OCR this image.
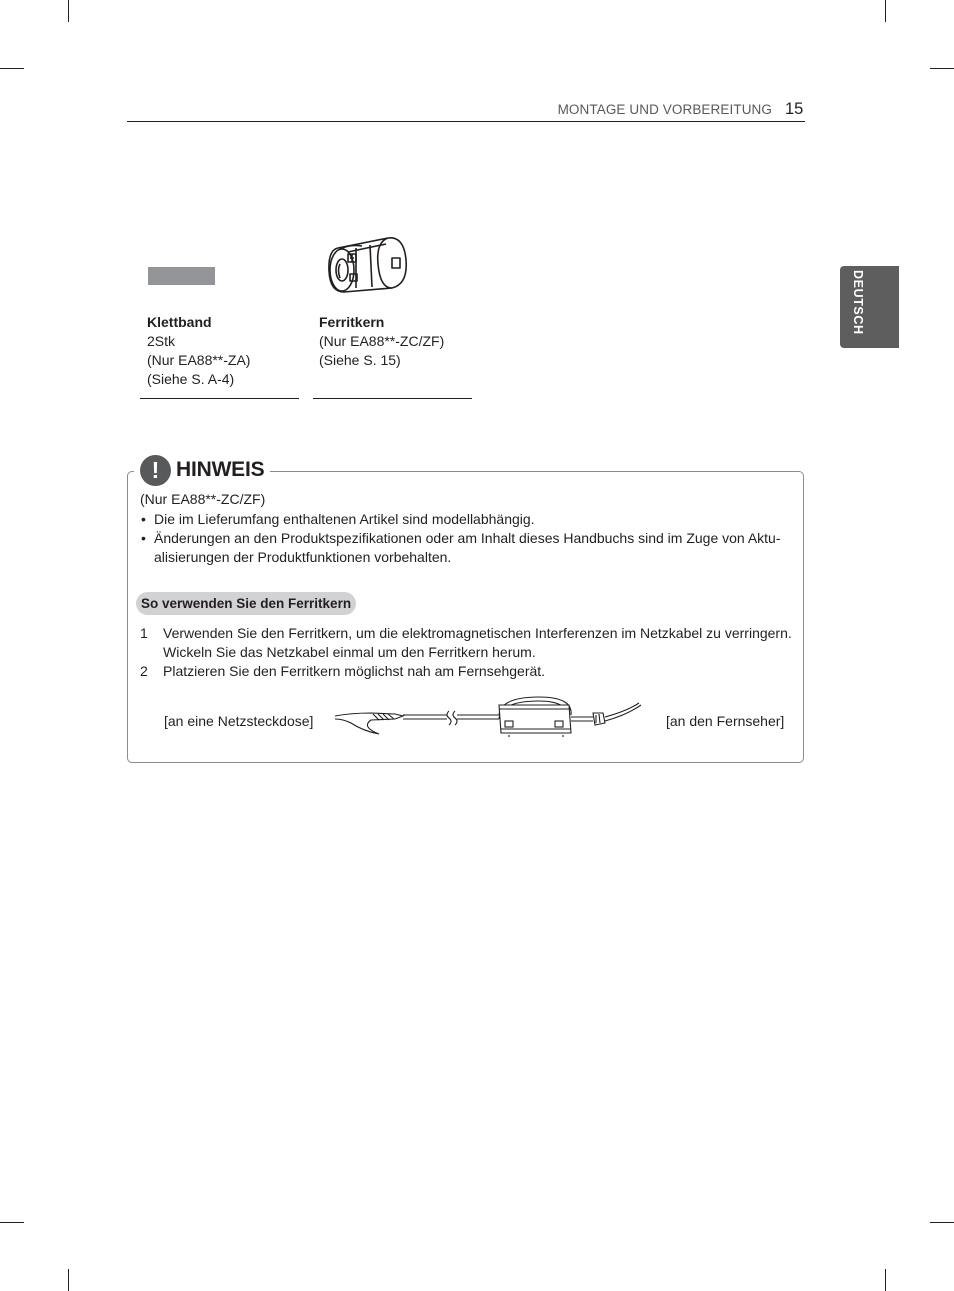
MONTAGE UND VORBEREITUNG 15
DEUTSCH
Klettband
2Stk
(Nur EA88**-ZA)
(Siehe S. A-4)
Ferritkern
(Nur EA88**-ZC/ZF)
(Siehe S. 15)
! HINWEIS
(Nur EA88**-ZC/ZF)
• Die im Lieferumfang enthaltenen Artikel sind modellabhängig.
• Änderungen an den Produktspezifikationen oder am Inhalt dieses Handbuchs sind im Zuge von Aktu-
alisierungen der Produktfunktionen vorbehalten.
So verwenden Sie den Ferritkern
1 Verwenden Sie den Ferritkern, um die elektromagnetischen Interferenzen im Netzkabel zu verringern.
Wickeln Sie das Netzkabel einmal um den Ferritkern herum.
2 Platzieren Sie den Ferritkern möglichst nah am Fernsehgerät.
[an eine Netzsteckdose]	[an den Fernseher]
